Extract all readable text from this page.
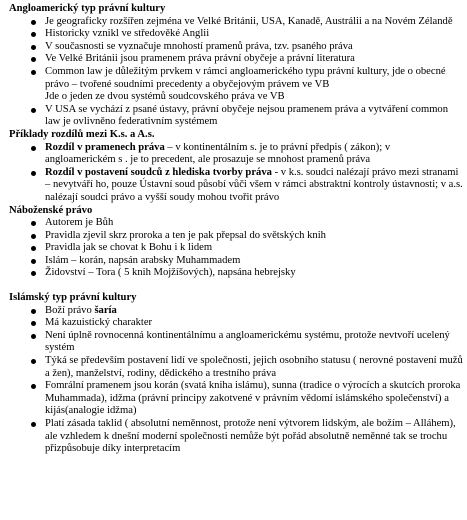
Angloamerický typ právní kultury

Je geograficky rozšířen zejména ve Velké Británii, USA, Kanadě, Austrálii a na Novém Zélandě
Historicky vznikl ve středověké Anglii
V současnosti se vyznačuje mnohostí pramenů práva, tzv. psaného práva
Ve Velké Británii jsou pramenem práva právní obyčeje a právní literatura
Common law je důležitým prvkem v rámci angloamerického typu právní kultury, jde o obecné právo – tvořené soudními precedenty a obyčejovým právem ve VB
Jde o jeden ze dvou systémů soudcovského práva ve VB
V USA se vychází z psané ústavy, právní obyčeje nejsou pramenem práva a vytváření common law je ovlivněno federativním systémem

Příklady rozdílů mezi K.s. a A.s.

Rozdíl v pramenech práva – v kontinentálním s. je to právní předpis ( zákon); v angloamerickém s . je to precedent, ale prosazuje se mnohost pramenů práva
Rozdíl v postavení soudců z hlediska tvorby práva - v k.s. soudci nalézají právo mezi stranami – nevytváří ho, pouze Ústavní soud působí vůči všem v rámci abstraktní kontroly ústavnosti; v a.s. nalézají soudci právo a vyšší soudy mohou tvořit právo

Náboženské právo

Autorem je Bůh
Pravidla zjevil skrz proroka a ten je pak přepsal do světských knih
Pravidla jak se chovat k Bohu i k lidem
Islám – korán, napsán arabsky Muhammadem
Židovství – Tora ( 5 knih Mojžíšových), napsána hebrejsky

Islámský typ právní kultury

Boží právo šaría
Má kazuistický charakter
Není úplně rovnocenná kontinentálnímu a angloamerickému systému, protože nevtvoří ucelený systém
Týká se především postavení lidí ve společnosti, jejich osobního statusu ( nerovné postavení mužů a žen), manželství, rodiny, dědického a trestního práva
Fomrální pramenem jsou korán (svatá kniha islámu), sunna (tradice o výrocích a skutcích proroka Muhammada), idžma (právní principy zakotvené v právním vědomí islámského společenství) a kijás(analogie idžma)
Platí zásada taklid ( absolutní neměnnost, protože není výtvorem lidským, ale božím – Alláhem), ale vzhledem k dnešní moderní společnosti nemůže být pořád absolutně neměnné tak se trochu přizpůsobuje díky interpretacím
